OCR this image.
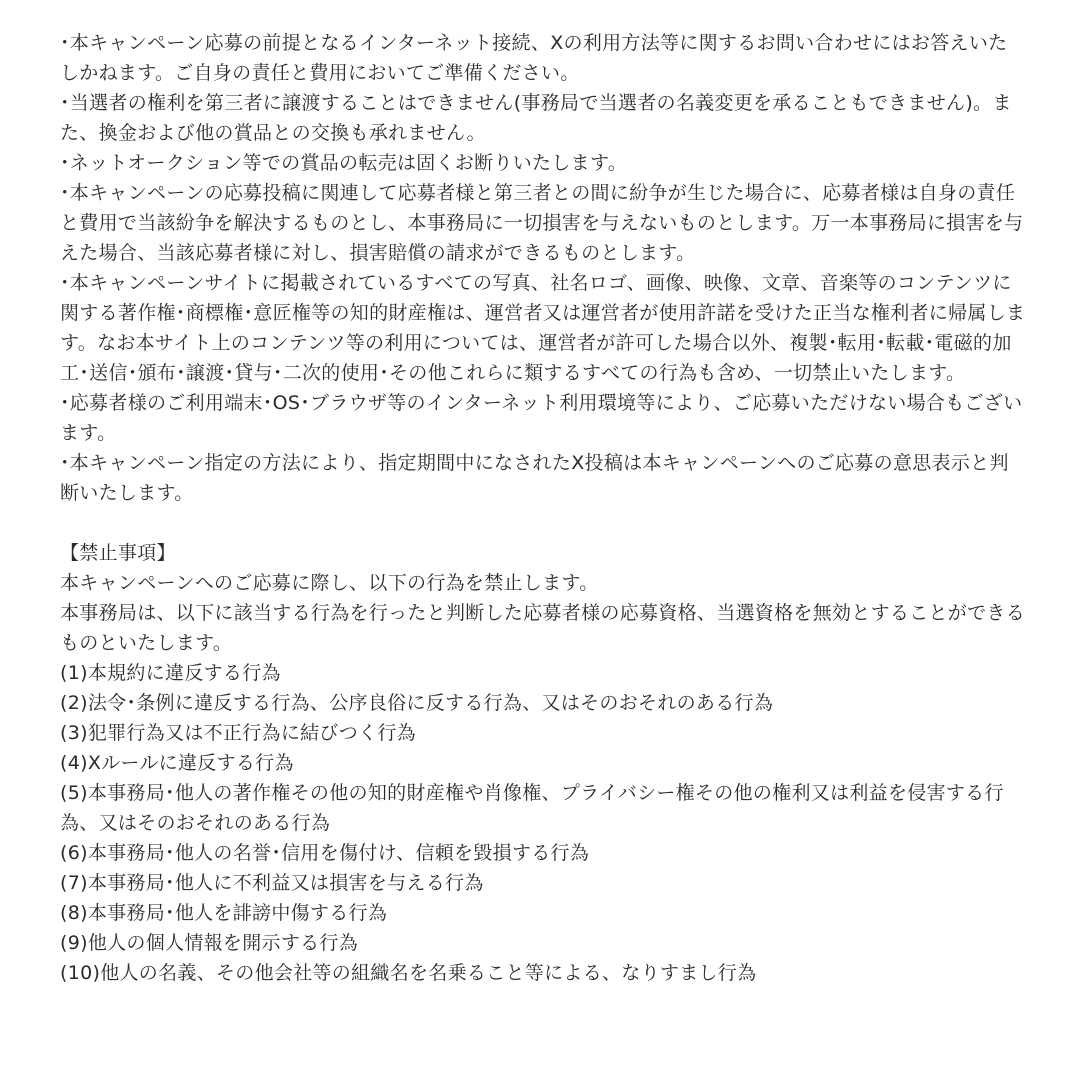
･本キャンペーン応募の前提となるインターネット接続、Xの利用方法等に関するお問い合わせにはお答えいたしかねます。ご自身の責任と費用においてご準備ください。

･当選者の権利を第三者に譲渡することはできません(事務局で当選者の名義変更を承ることもできません)。また、換金および他の賞品との交換も承れません。

･ネットオークション等での賞品の転売は固くお断りいたします。

･本キャンペーンの応募投稿に関連して応募者様と第三者との間に紛争が生じた場合に、応募者様は自身の責任と費用で当該紛争を解決するものとし、本事務局に一切損害を与えないものとします。万一本事務局に損害を与えた場合、当該応募者様に対し、損害賠償の請求ができるものとします。

･本キャンペーンサイトに掲載されているすべての写真、社名ロゴ、画像、映像、文章、音楽等のコンテンツに関する著作権･商標権･意匠権等の知的財産権は、運営者又は運営者が使用許諾を受けた正当な権利者に帰属します。なお本サイト上のコンテンツ等の利用については、運営者が許可した場合以外、複製･転用･転載･電磁的加工･送信･頒布･譲渡･貸与･二次的使用･その他これらに類するすべての行為も含め、一切禁止いたします。

･応募者様のご利用端末･OS･ブラウザ等のインターネット利用環境等により、ご応募いただけない場合もございます。

･本キャンペーン指定の方法により、指定期間中になされたX投稿は本キャンペーンへのご応募の意思表示と判断いたします。

【禁止事項】

本キャンペーンへのご応募に際し、以下の行為を禁止します。

本事務局は、以下に該当する行為を行ったと判断した応募者様の応募資格、当選資格を無効とすることができるものといたします。

(1)本規約に違反する行為

(2)法令･条例に違反する行為、公序良俗に反する行為、又はそのおそれのある行為

(3)犯罪行為又は不正行為に結びつく行為

(4)Xルールに違反する行為

(5)本事務局･他人の著作権その他の知的財産権や肖像権、プライバシー権その他の権利又は利益を侵害する行為、又はそのおそれのある行為

(6)本事務局･他人の名誉･信用を傷付け、信頼を毀損する行為

(7)本事務局･他人に不利益又は損害を与える行為

(8)本事務局･他人を誹謗中傷する行為

(9)他人の個人情報を開示する行為

(10)他人の名義、その他会社等の組織名を名乗ること等による、なりすまし行為
